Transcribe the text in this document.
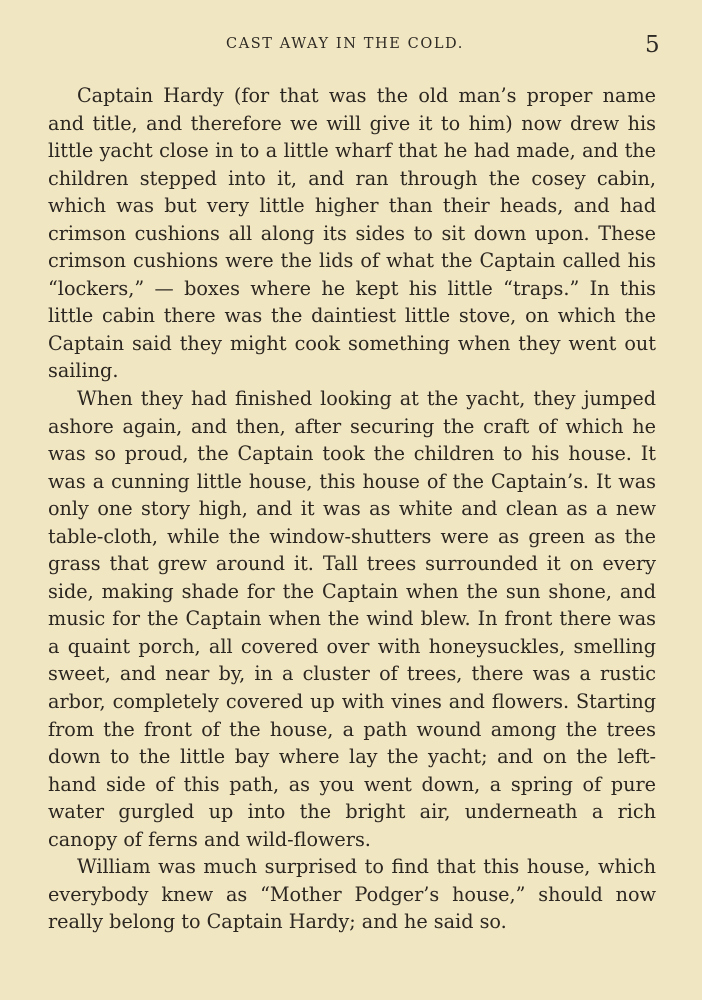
CAST AWAY IN THE COLD.	5

Captain Hardy (for that was the old man’s proper name and title, and therefore we will give it to him) now drew his little yacht close in to a little wharf that he had made, and the children stepped into it, and ran through the cosey cabin, which was but very little higher than their heads, and had crimson cushions all along its sides to sit down upon. These crimson cushions were the lids of what the Captain called his “lockers,” — boxes where he kept his little “traps.” In this little cabin there was the daintiest little stove, on which the Captain said they might cook something when they went out sailing.

When they had finished looking at the yacht, they jumped ashore again, and then, after securing the craft of which he was so proud, the Captain took the children to his house. It was a cunning little house, this house of the Captain’s. It was only one story high, and it was as white and clean as a new table-cloth, while the window-shutters were as green as the grass that grew around it. Tall trees surrounded it on every side, making shade for the Captain when the sun shone, and music for the Captain when the wind blew. In front there was a quaint porch, all covered over with honeysuckles, smelling sweet, and near by, in a cluster of trees, there was a rustic arbor, completely covered up with vines and flowers. Starting from the front of the house, a path wound among the trees down to the little bay where lay the yacht; and on the left-hand side of this path, as you went down, a spring of pure water gurgled up into the bright air, underneath a rich canopy of ferns and wild-flowers.

William was much surprised to find that this house, which everybody knew as “Mother Podger’s house,” should now really belong to Captain Hardy; and he said so.
